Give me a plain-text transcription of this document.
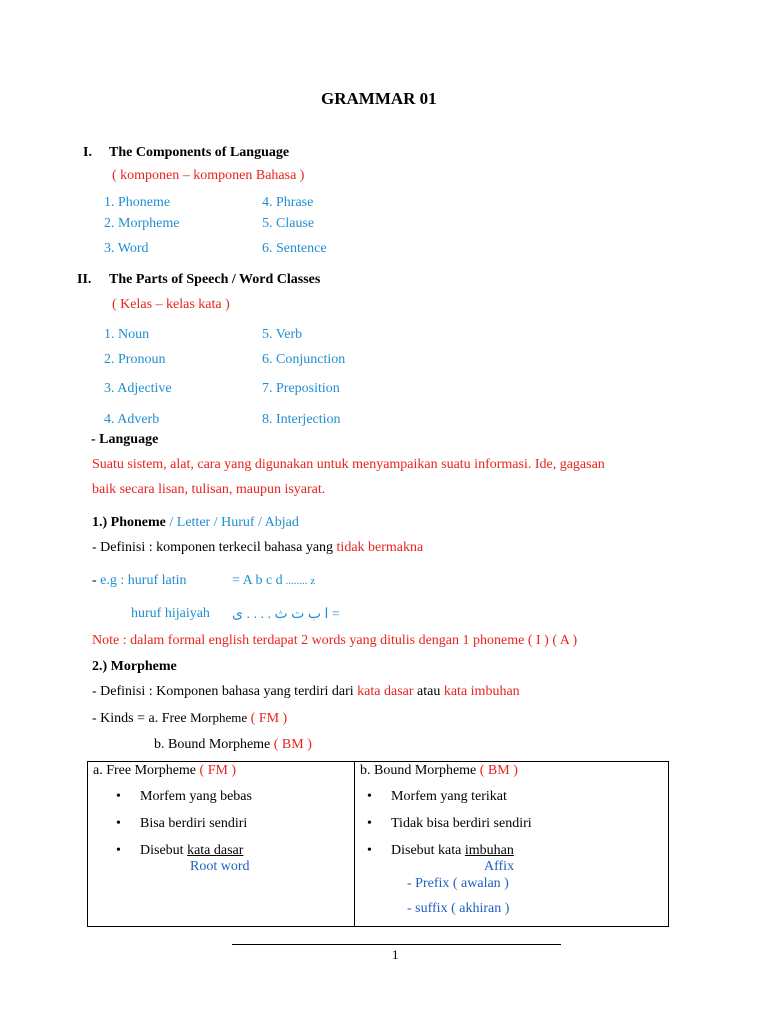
GRAMMAR 01
I. The Components of Language
( komponen – komponen Bahasa )
1. Phoneme	4. Phrase
2. Morpheme	5. Clause
3. Word	6. Sentence
II. The Parts of Speech / Word Classes
( Kelas – kelas kata )
1. Noun	5. Verb
2. Pronoun	6. Conjunction
3. Adjective	7. Preposition
4. Adverb	8. Interjection
- Language
Suatu sistem, alat, cara yang digunakan untuk menyampaikan suatu informasi. Ide, gagasan
baik secara lisan, tulisan, maupun isyarat.
1.) Phoneme / Letter / Huruf / Abjad
- Definisi : komponen terkecil bahasa yang tidak bermakna
- e.g : huruf latin	= A b c d ........ z
huruf hijaiyah = ا ب ت ث . . . . ى
Note : dalam formal english terdapat 2 words yang ditulis dengan 1 phoneme ( I ) ( A )
2.) Morpheme
- Definisi : Komponen bahasa yang terdiri dari kata dasar atau kata imbuhan
- Kinds = a. Free Morpheme ( FM )
b. Bound Morpheme ( BM )
a. Free Morpheme ( FM )
• Morfem yang bebas
• Bisa berdiri sendiri
• Disebut kata dasar
Root word

b. Bound Morpheme ( BM )
• Morfem yang terikat
• Tidak bisa berdiri sendiri
• Disebut kata imbuhan
Affix
- Prefix ( awalan )
- suffix ( akhiran )
1
